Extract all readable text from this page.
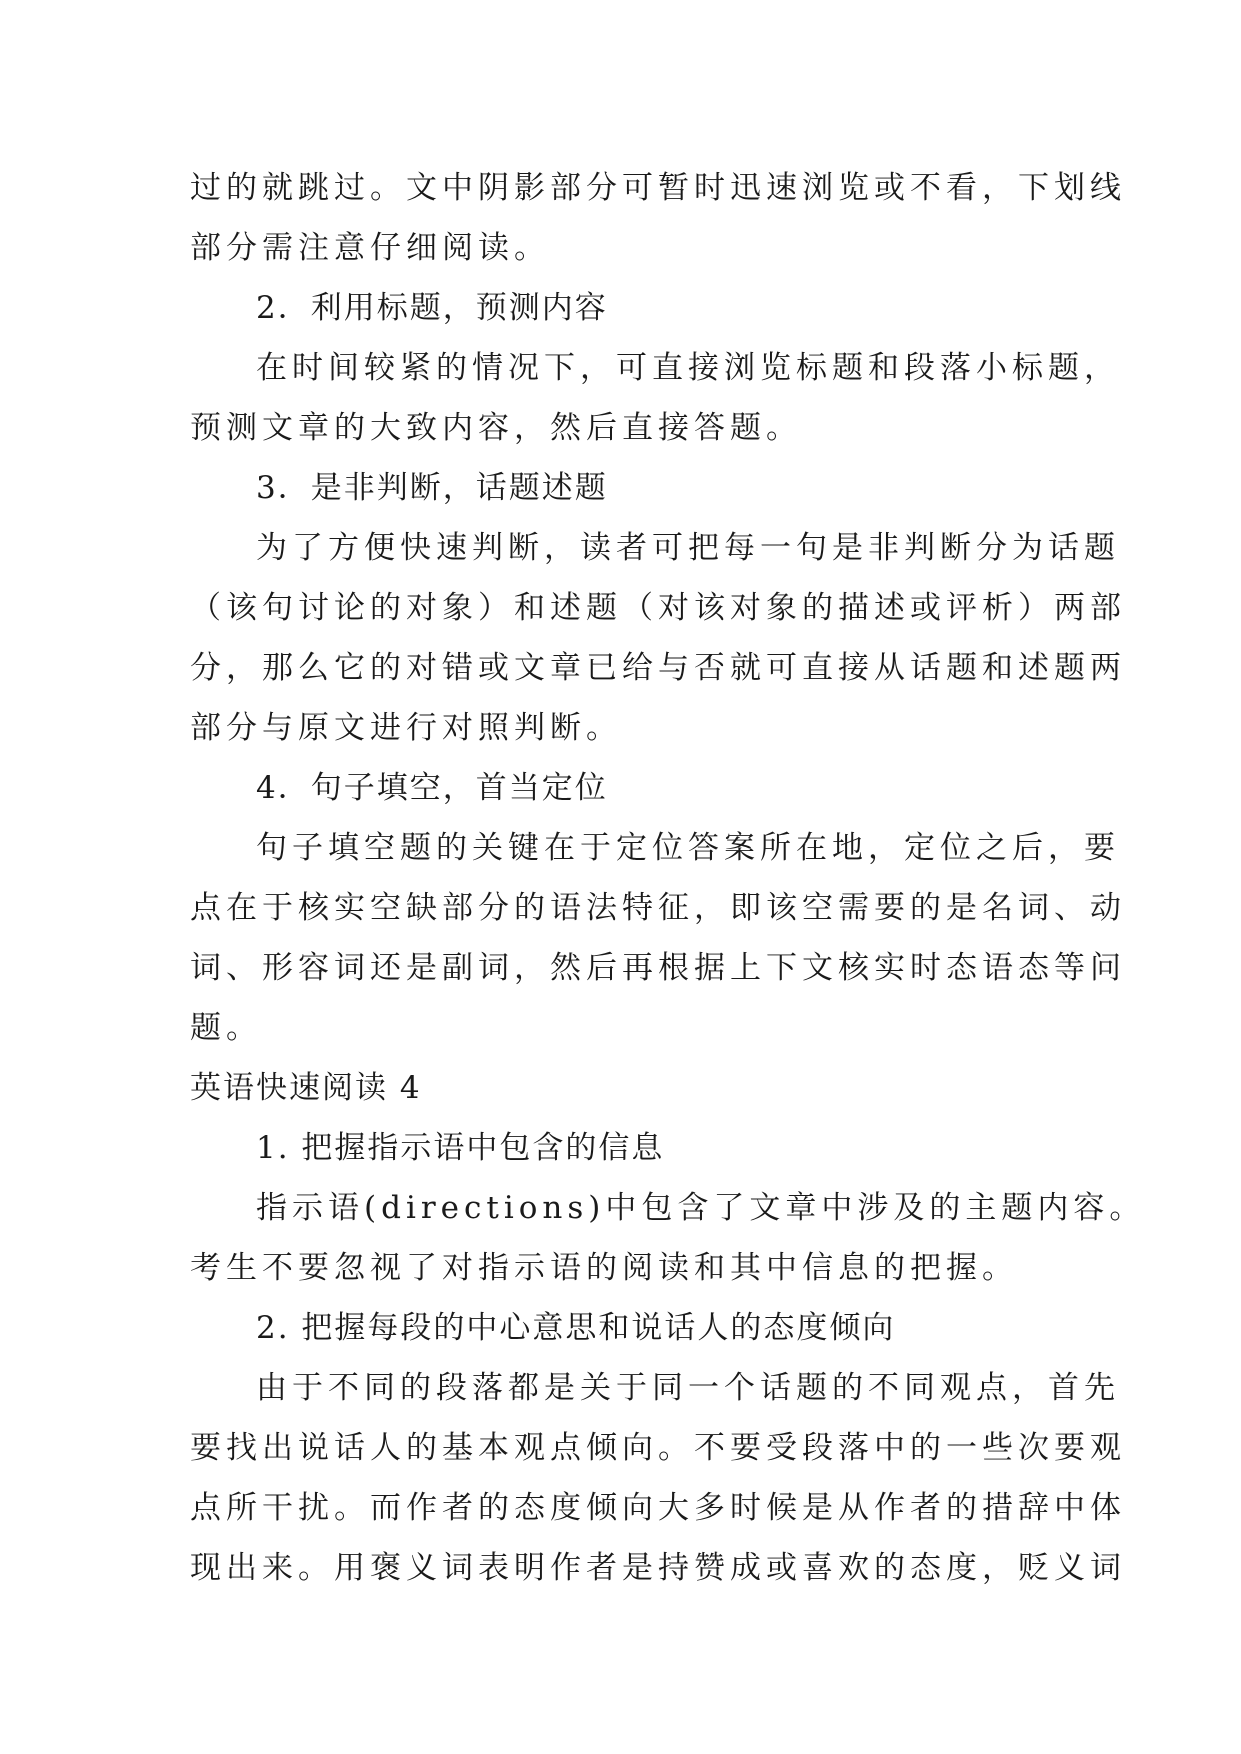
过的就跳过。文中阴影部分可暂时迅速浏览或不看，下划线
部分需注意仔细阅读。
2．利用标题，预测内容
在时间较紧的情况下，可直接浏览标题和段落小标题，
预测文章的大致内容，然后直接答题。
3．是非判断，话题述题
为了方便快速判断，读者可把每一句是非判断分为话题
（该句讨论的对象）和述题（对该对象的描述或评析）两部
分，那么它的对错或文章已给与否就可直接从话题和述题两
部分与原文进行对照判断。
4．句子填空，首当定位
句子填空题的关键在于定位答案所在地，定位之后，要
点在于核实空缺部分的语法特征，即该空需要的是名词、动
词、形容词还是副词，然后再根据上下文核实时态语态等问
题。
英语快速阅读 4
1. 把握指示语中包含的信息
指示语(directions)中包含了文章中涉及的主题内容。
考生不要忽视了对指示语的阅读和其中信息的把握。
2. 把握每段的中心意思和说话人的态度倾向
由于不同的段落都是关于同一个话题的不同观点，首先
要找出说话人的基本观点倾向。不要受段落中的一些次要观
点所干扰。而作者的态度倾向大多时候是从作者的措辞中体
现出来。用褒义词表明作者是持赞成或喜欢的态度，贬义词
